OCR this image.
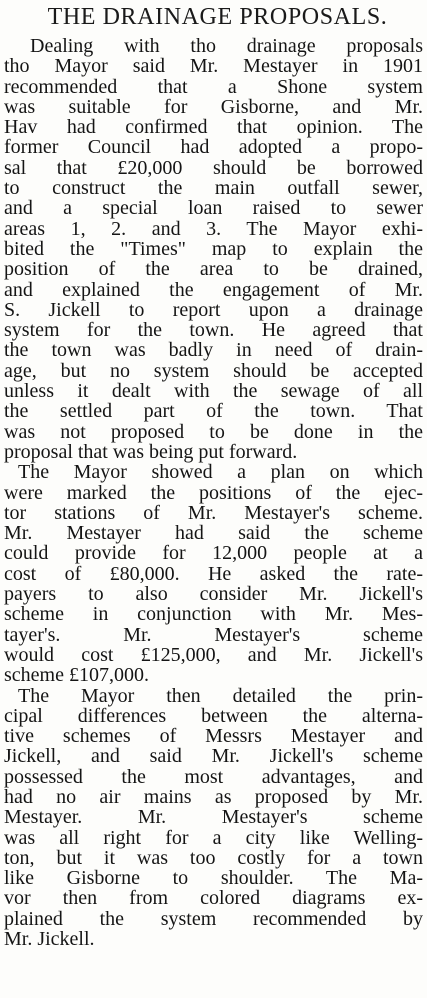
THE DRAINAGE PROPOSALS.
Dealing with tho drainage proposals
tho Mayor said Mr. Mestayer in 1901
recommended that a Shone system
was suitable for Gisborne, and Mr.
Hav had confirmed that opinion. The
former Council had adopted a propo-
sal that £20,000 should be borrowed
to construct the main outfall sewer,
and a special loan raised to sewer
areas 1, 2. and 3. The Mayor exhi-
bited the "Times" map to explain the
position of the area to be drained,
and explained the engagement of Mr.
S. Jickell to report upon a drainage
system for the town. He agreed that
the town was badly in need of drain-
age, but no system should be accepted
unless it dealt with the sewage of all
the settled part of the town. That
was not proposed to be done in the
proposal that was being put forward.
The Mayor showed a plan on which
were marked the positions of the ejec-
tor stations of Mr. Mestayer's scheme.
Mr. Mestayer had said the scheme
could provide for 12,000 people at a
cost of £80,000. He asked the rate-
payers to also consider Mr. Jickell's
scheme in conjunction with Mr. Mes-
tayer's. Mr. Mestayer's scheme
would cost £125,000, and Mr. Jickell's
scheme £107,000.
The Mayor then detailed the prin-
cipal differences between the alterna-
tive schemes of Messrs Mestayer and
Jickell, and said Mr. Jickell's scheme
possessed the most advantages, and
had no air mains as proposed by Mr.
Mestayer. Mr. Mestayer's scheme
was all right for a city like Welling-
ton, but it was too costly for a town
like Gisborne to shoulder. The Ma-
vor then from colored diagrams ex-
plained the system recommended by
Mr. Jickell.
